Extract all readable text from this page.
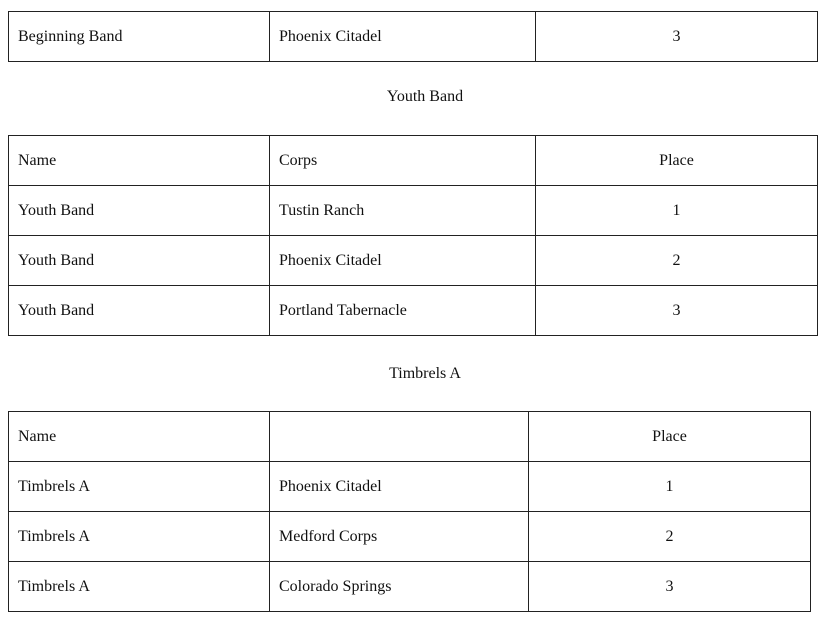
Beginning Band	Phoenix Citadel	3
Youth Band
Name	Corps	Place
Youth Band	Tustin Ranch	1
Youth Band	Phoenix Citadel	2
Youth Band	Portland Tabernacle	3
Timbrels A
Name		Place
Timbrels A	Phoenix Citadel	1
Timbrels A	Medford Corps	2
Timbrels A	Colorado Springs	3
